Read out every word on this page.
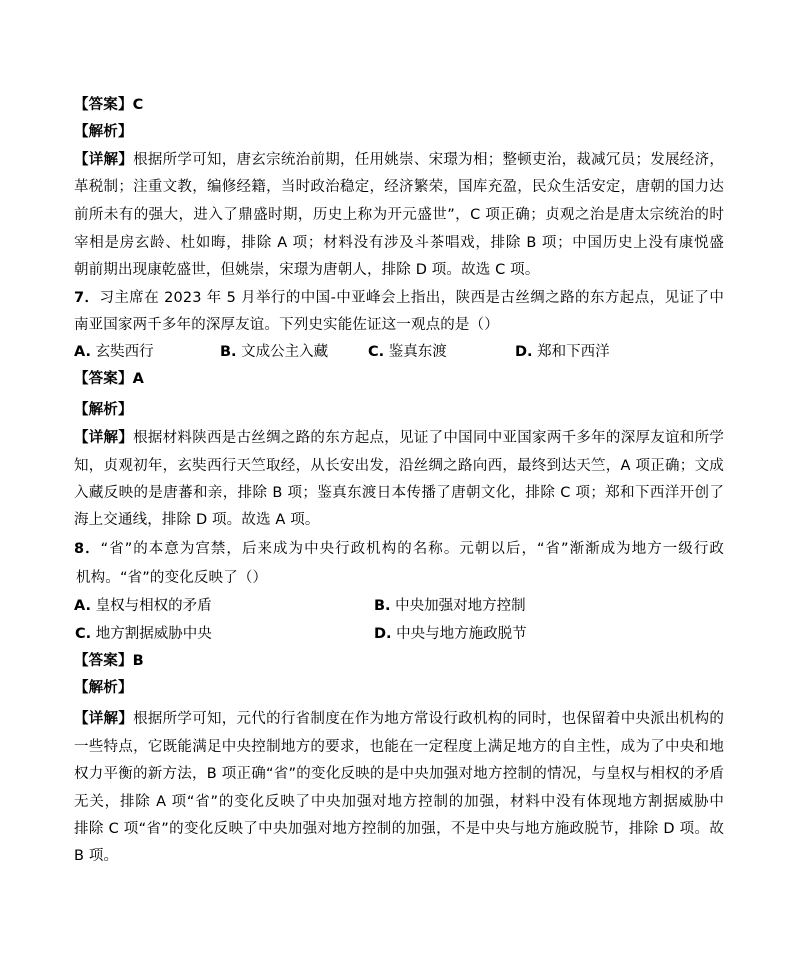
【答案】C
【解析】
【详解】根据所学可知，唐玄宗统治前期，任用姚崇、宋璟为相；整顿吏治，裁减冗员；发展经济，
革税制；注重文教，编修经籍，当时政治稳定，经济繁荣，国库充盈，民众生活安定，唐朝的国力达
前所未有的强大，进入了鼎盛时期，历史上称为开元盛世”，C 项正确；贞观之治是唐太宗统治的时
宰相是房玄龄、杜如晦，排除 A 项；材料没有涉及斗茶唱戏，排除 B 项；中国历史上没有康悦盛
朝前期出现康乾盛世，但姚崇，宋璟为唐朝人，排除 D 项。故选 C 项。
7．习主席在 2023 年 5 月举行的中国-中亚峰会上指出，陕西是古丝绸之路的东方起点，见证了中
南亚国家两千多年的深厚友谊。下列史实能佐证这一观点的是（）
A. 玄奘西行	B. 文成公主入藏	C. 鉴真东渡	D. 郑和下西洋
【答案】A
【解析】
【详解】根据材料陕西是古丝绸之路的东方起点，见证了中国同中亚国家两千多年的深厚友谊和所学
知，贞观初年，玄奘西行天竺取经，从长安出发，沿丝绸之路向西，最终到达天竺，A 项正确；文成
入藏反映的是唐蕃和亲，排除 B 项；鉴真东渡日本传播了唐朝文化，排除 C 项；郑和下西洋开创了
海上交通线，排除 D 项。故选 A 项。
8．“省”的本意为宫禁，后来成为中央行政机构的名称。元朝以后，“省”渐渐成为地方一级行政
机构。“省”的变化反映了（）
A. 皇权与相权的矛盾	B. 中央加强对地方控制
C. 地方割据威胁中央	D. 中央与地方施政脱节
【答案】B
【解析】
【详解】根据所学可知，元代的行省制度在作为地方常设行政机构的同时，也保留着中央派出机构的
一些特点，它既能满足中央控制地方的要求，也能在一定程度上满足地方的自主性，成为了中央和地
权力平衡的新方法，B 项正确“省”的变化反映的是中央加强对地方控制的情况，与皇权与相权的矛盾
无关，排除 A 项“省”的变化反映了中央加强对地方控制的加强，材料中没有体现地方割据威胁中
排除 C 项“省”的变化反映了中央加强对地方控制的加强，不是中央与地方施政脱节，排除 D 项。故
B 项。
